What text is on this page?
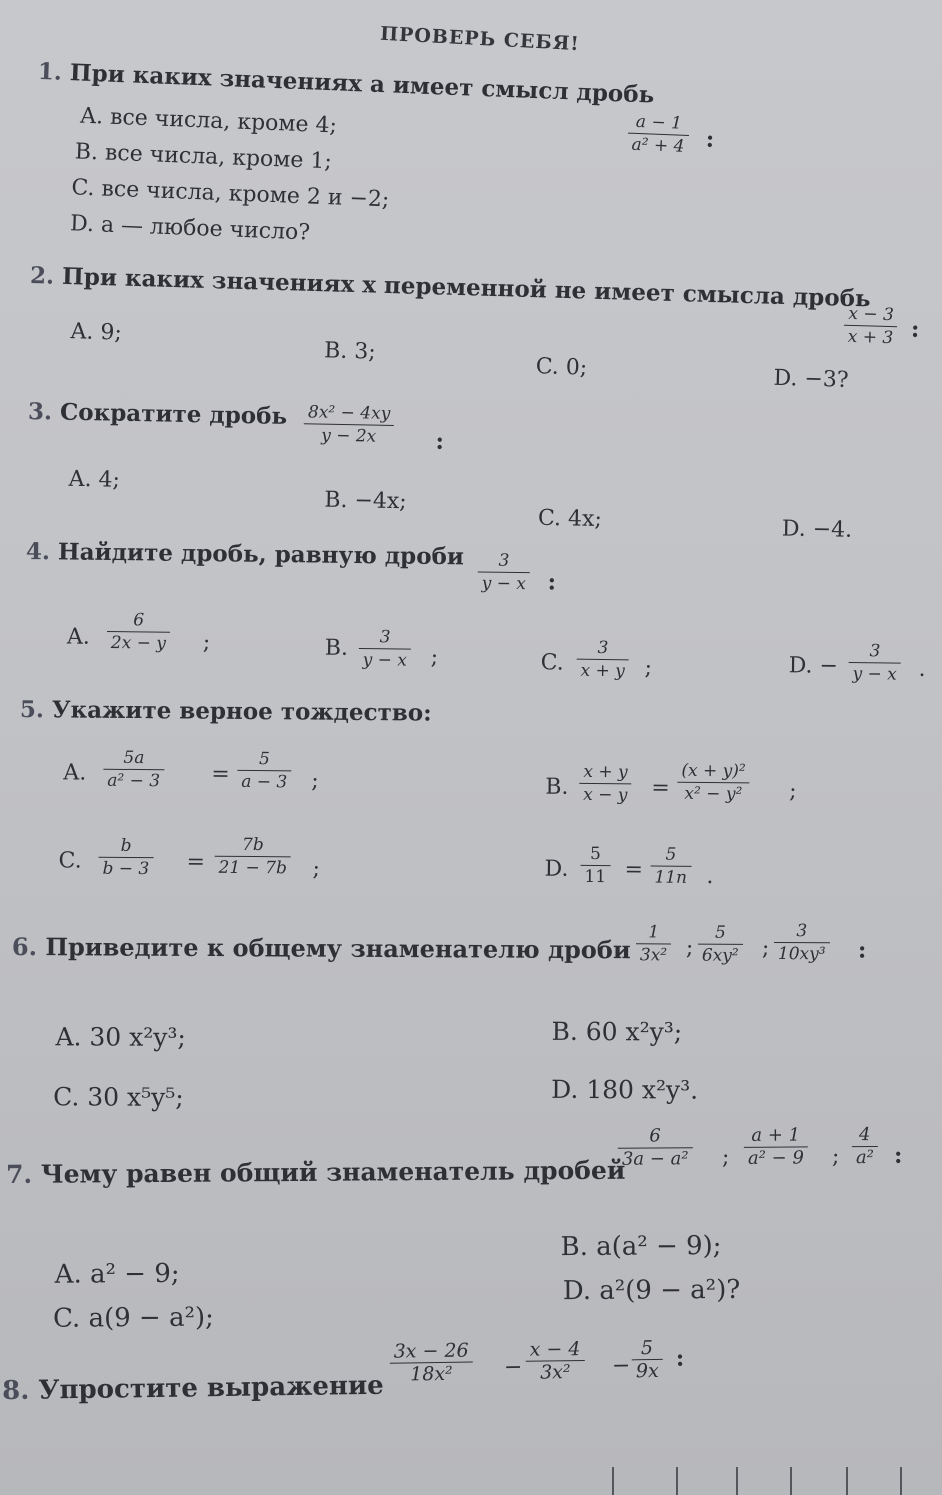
ПРОВЕРЬ СЕБЯ!
1. При каких значениях a имеет смысл дробь
$\frac{a - 1}{\text{a² + 4}}$ :
A. все числа, кроме 4;
B. все числа, кроме 1;
C. все числа, кроме 2 и −2;
D. a — любое число?
2. При каких значениях x переменной не имеет смысла дробь
$\frac{x - 3}{x + 3}$ :
A. 9;
B. 3;
C. 0;	D. −3?
3. Сократите дробь $\frac{\text{8x² − 4xy}}{y - 2x}$ :
A. 4;
B. −4x;
C. 4x;	D. −4.
4. Найдите дробь, равную дроби $\frac{3}{y - x}$ :
A. $\frac{6}{2x - y}$ ;	B. $\frac{3}{y - x}$ ;	C. $\frac{3}{x + y}$ ;	D. − $\frac{3}{y - x}$ .
5. Укажите верное тождество:
A. $\frac{5a}{\text{a² − 3}} = \frac{5}{a - 3}$ ;	B. $\frac{x + y}{x - y} = \frac{\text{(x + y)²}}{\text{x² − y²}}$ ;
C. $\frac{b}{b - 3} = \frac{7b}{21 - 7b}$ ;	D. $\frac{5}{11} = \frac{5}{11n}$ .
6. Приведите к общему знаменателю дроби $\frac{1}{\text{3x²}}$ ; $\frac{5}{\text{6xy²}}$ ; $\frac{3}{\text{10xy³}}$ :
A. 30 x²y³;	B. 60 x²y³;
C. 30 x⁵y⁵;	D. 180 x²y³.
7. Чему равен общий знаменатель дробей
$\frac{6}{\text{3a − a²}}$ ; $\frac{a + 1}{\text{a² − 9}}$ ; $\frac{4}{\text{a²}}$ :
A. a² − 9;
B. a(a² − 9);
C. a(9 − a²);
D. a²(9 − a²)?
8. Упростите выражение
$\frac{3x - 26}{\text{18x²}} - \frac{x - 4}{\text{3x²}} - \frac{5}{9x}$ :
